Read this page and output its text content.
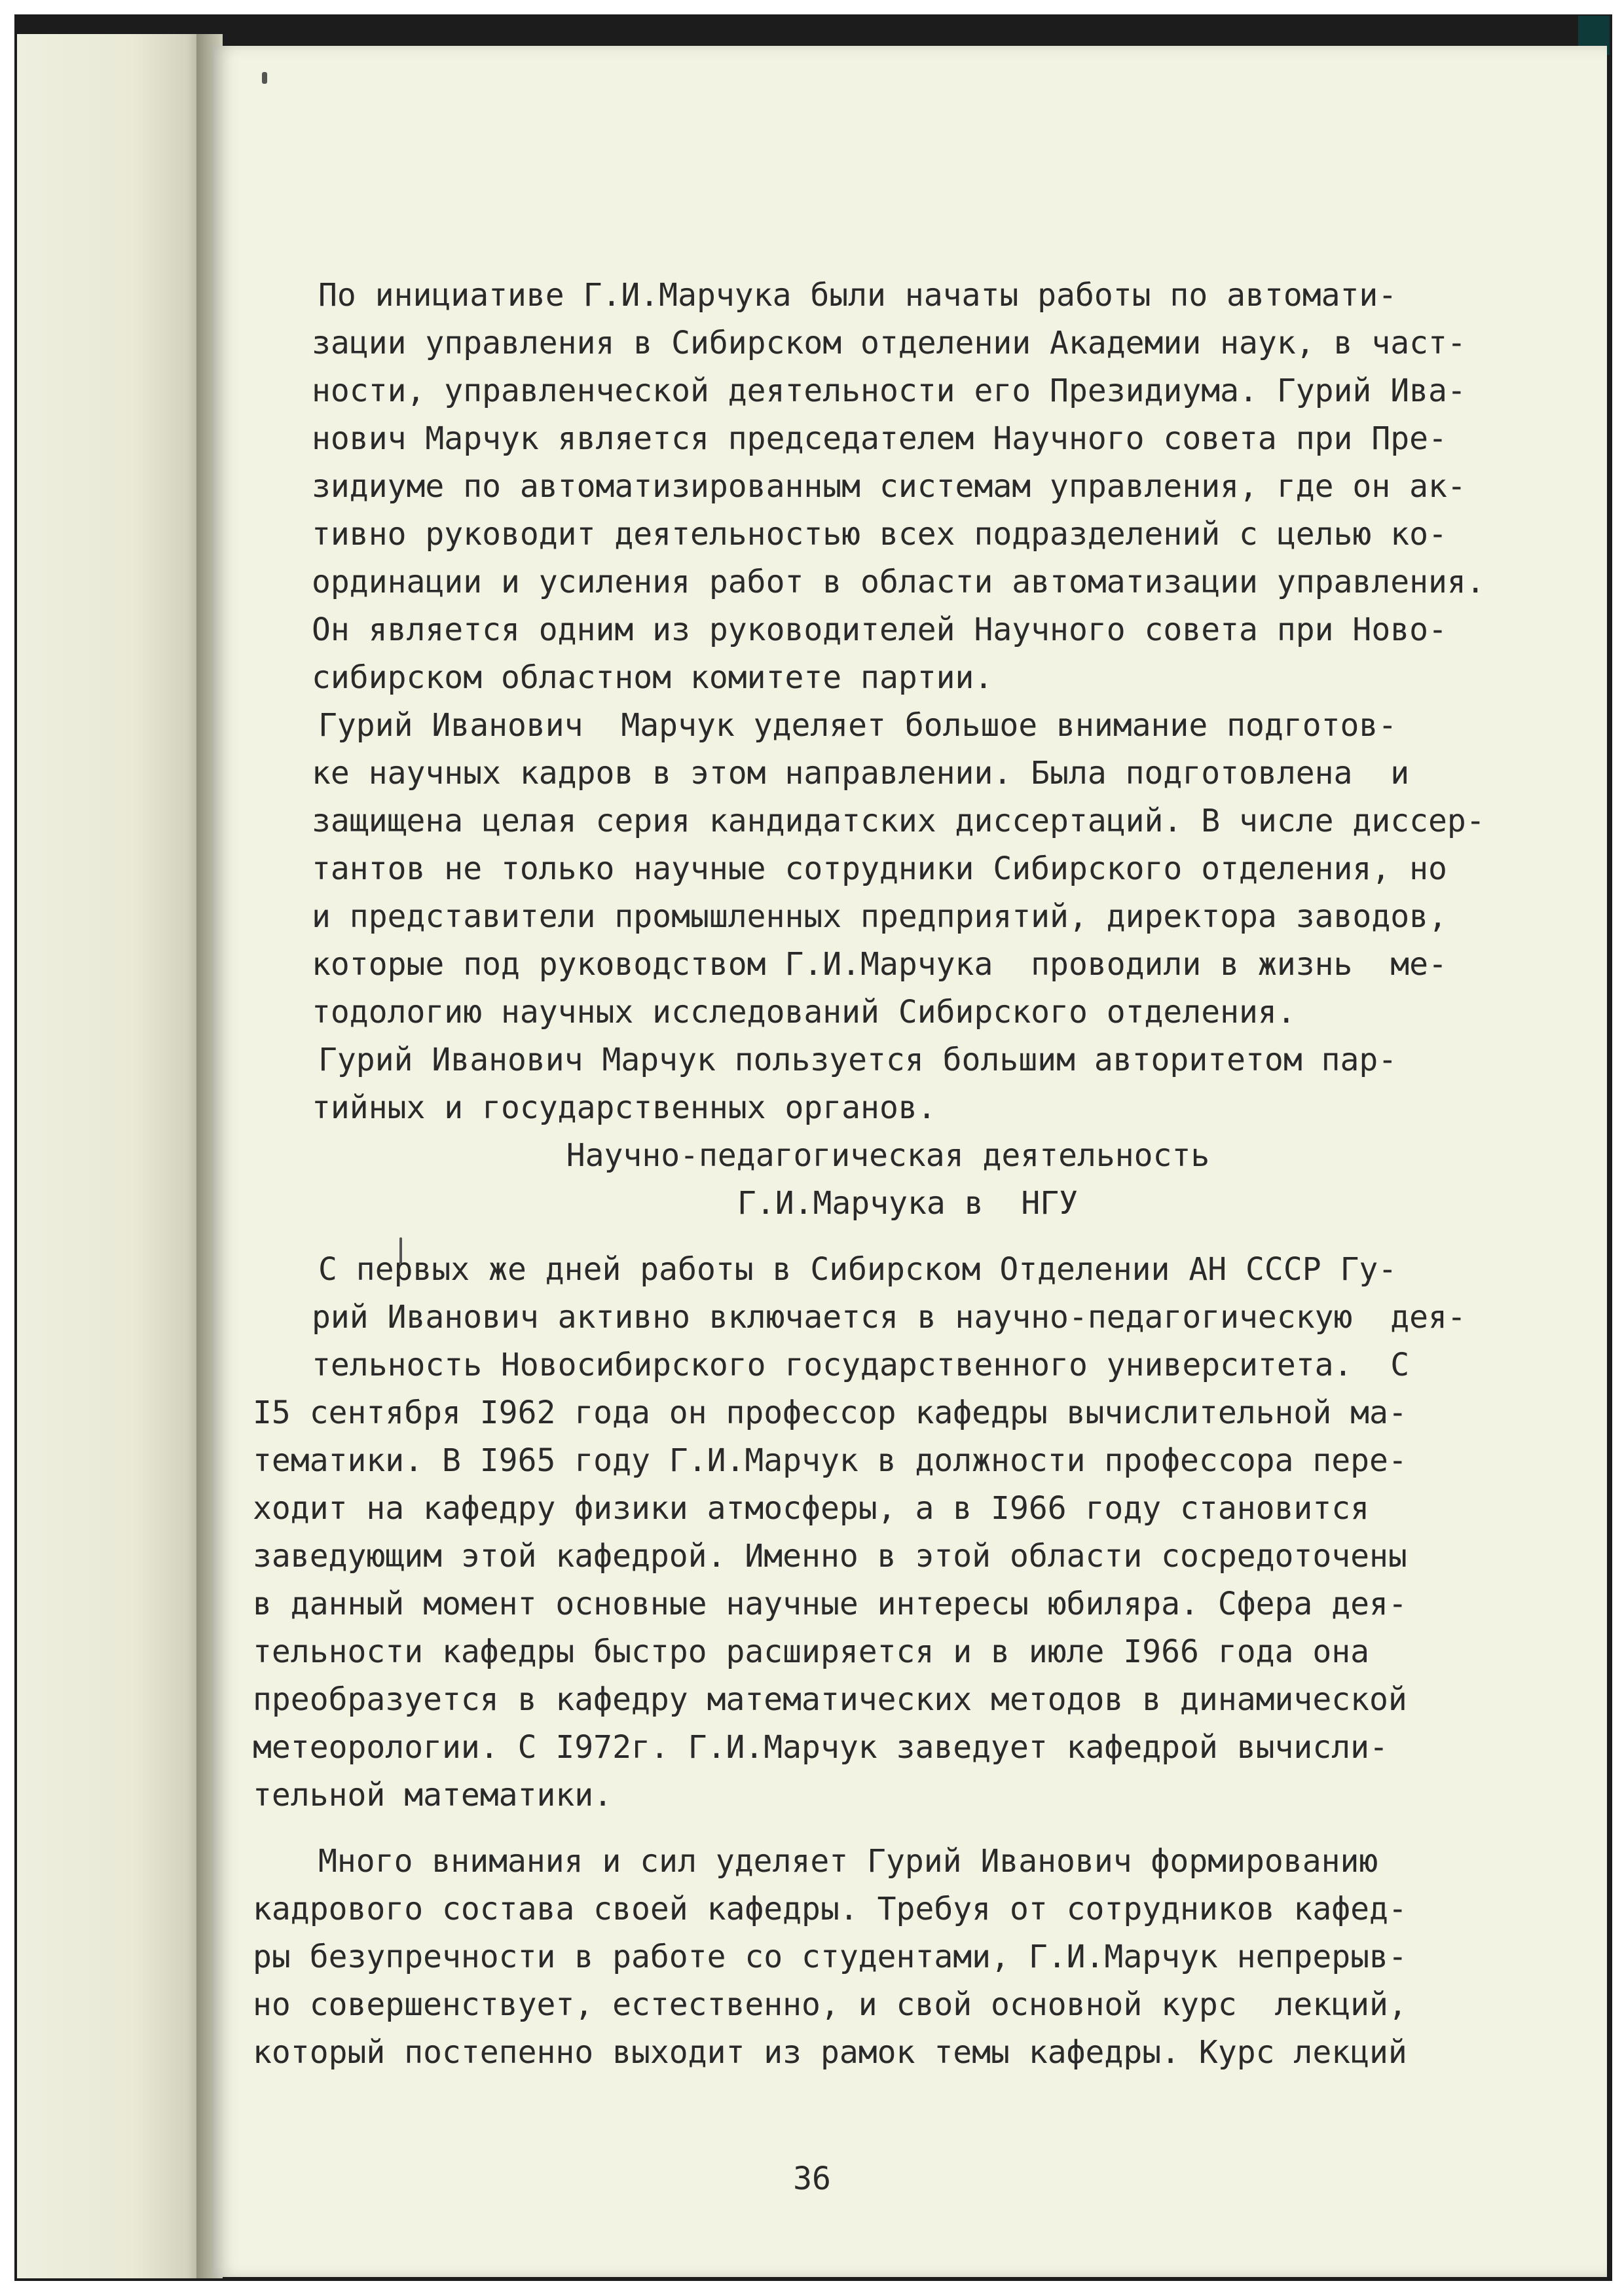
По инициативе Г.И.Марчука были начаты работы по автомати-
зации управления в Сибирском отделении Академии наук, в част-
ности, управленческой деятельности его Президиума. Гурий Ива-
нович Марчук является председателем Научного совета при Пре-
зидиуме по автоматизированным системам управления, где он ак-
тивно руководит деятельностью всех подразделений с целью ко-
ординации и усиления работ в области автоматизации управления.
Он является одним из руководителей Научного совета при Ново-
сибирском областном комитете партии.
Гурий Иванович  Марчук уделяет большое внимание подготов-
ке научных кадров в этом направлении. Была подготовлена  и
защищена целая серия кандидатских диссертаций. В числе диссер-
тантов не только научные сотрудники Сибирского отделения, но
и представители промышленных предприятий, директора заводов,
которые под руководством Г.И.Марчука  проводили в жизнь  ме-
тодологию научных исследований Сибирского отделения.
Гурий Иванович Марчук пользуется большим авторитетом пар-
тийных и государственных органов.
Научно-педагогическая деятельность
Г.И.Марчука в  НГУ
С первых же дней работы в Сибирском Отделении АН СССР Гу-
рий Иванович активно включается в научно-педагогическую  дея-
тельность Новосибирского государственного университета.  С
I5 сентября I962 года он профессор кафедры вычислительной ма-
тематики. В I965 году Г.И.Марчук в должности профессора пере-
ходит на кафедру физики атмосферы, а в I966 году становится
заведующим этой кафедрой. Именно в этой области сосредоточены
в данный момент основные научные интересы юбиляра. Сфера дея-
тельности кафедры быстро расширяется и в июле I966 года она
преобразуется в кафедру математических методов в динамической
метеорологии. С I972г. Г.И.Марчук заведует кафедрой вычисли-
тельной математики.
Много внимания и сил уделяет Гурий Иванович формированию
кадрового состава своей кафедры. Требуя от сотрудников кафед-
ры безупречности в работе со студентами, Г.И.Марчук непрерыв-
но совершенствует, естественно, и свой основной курс  лекций,
который постепенно выходит из рамок темы кафедры. Курс лекций
36
